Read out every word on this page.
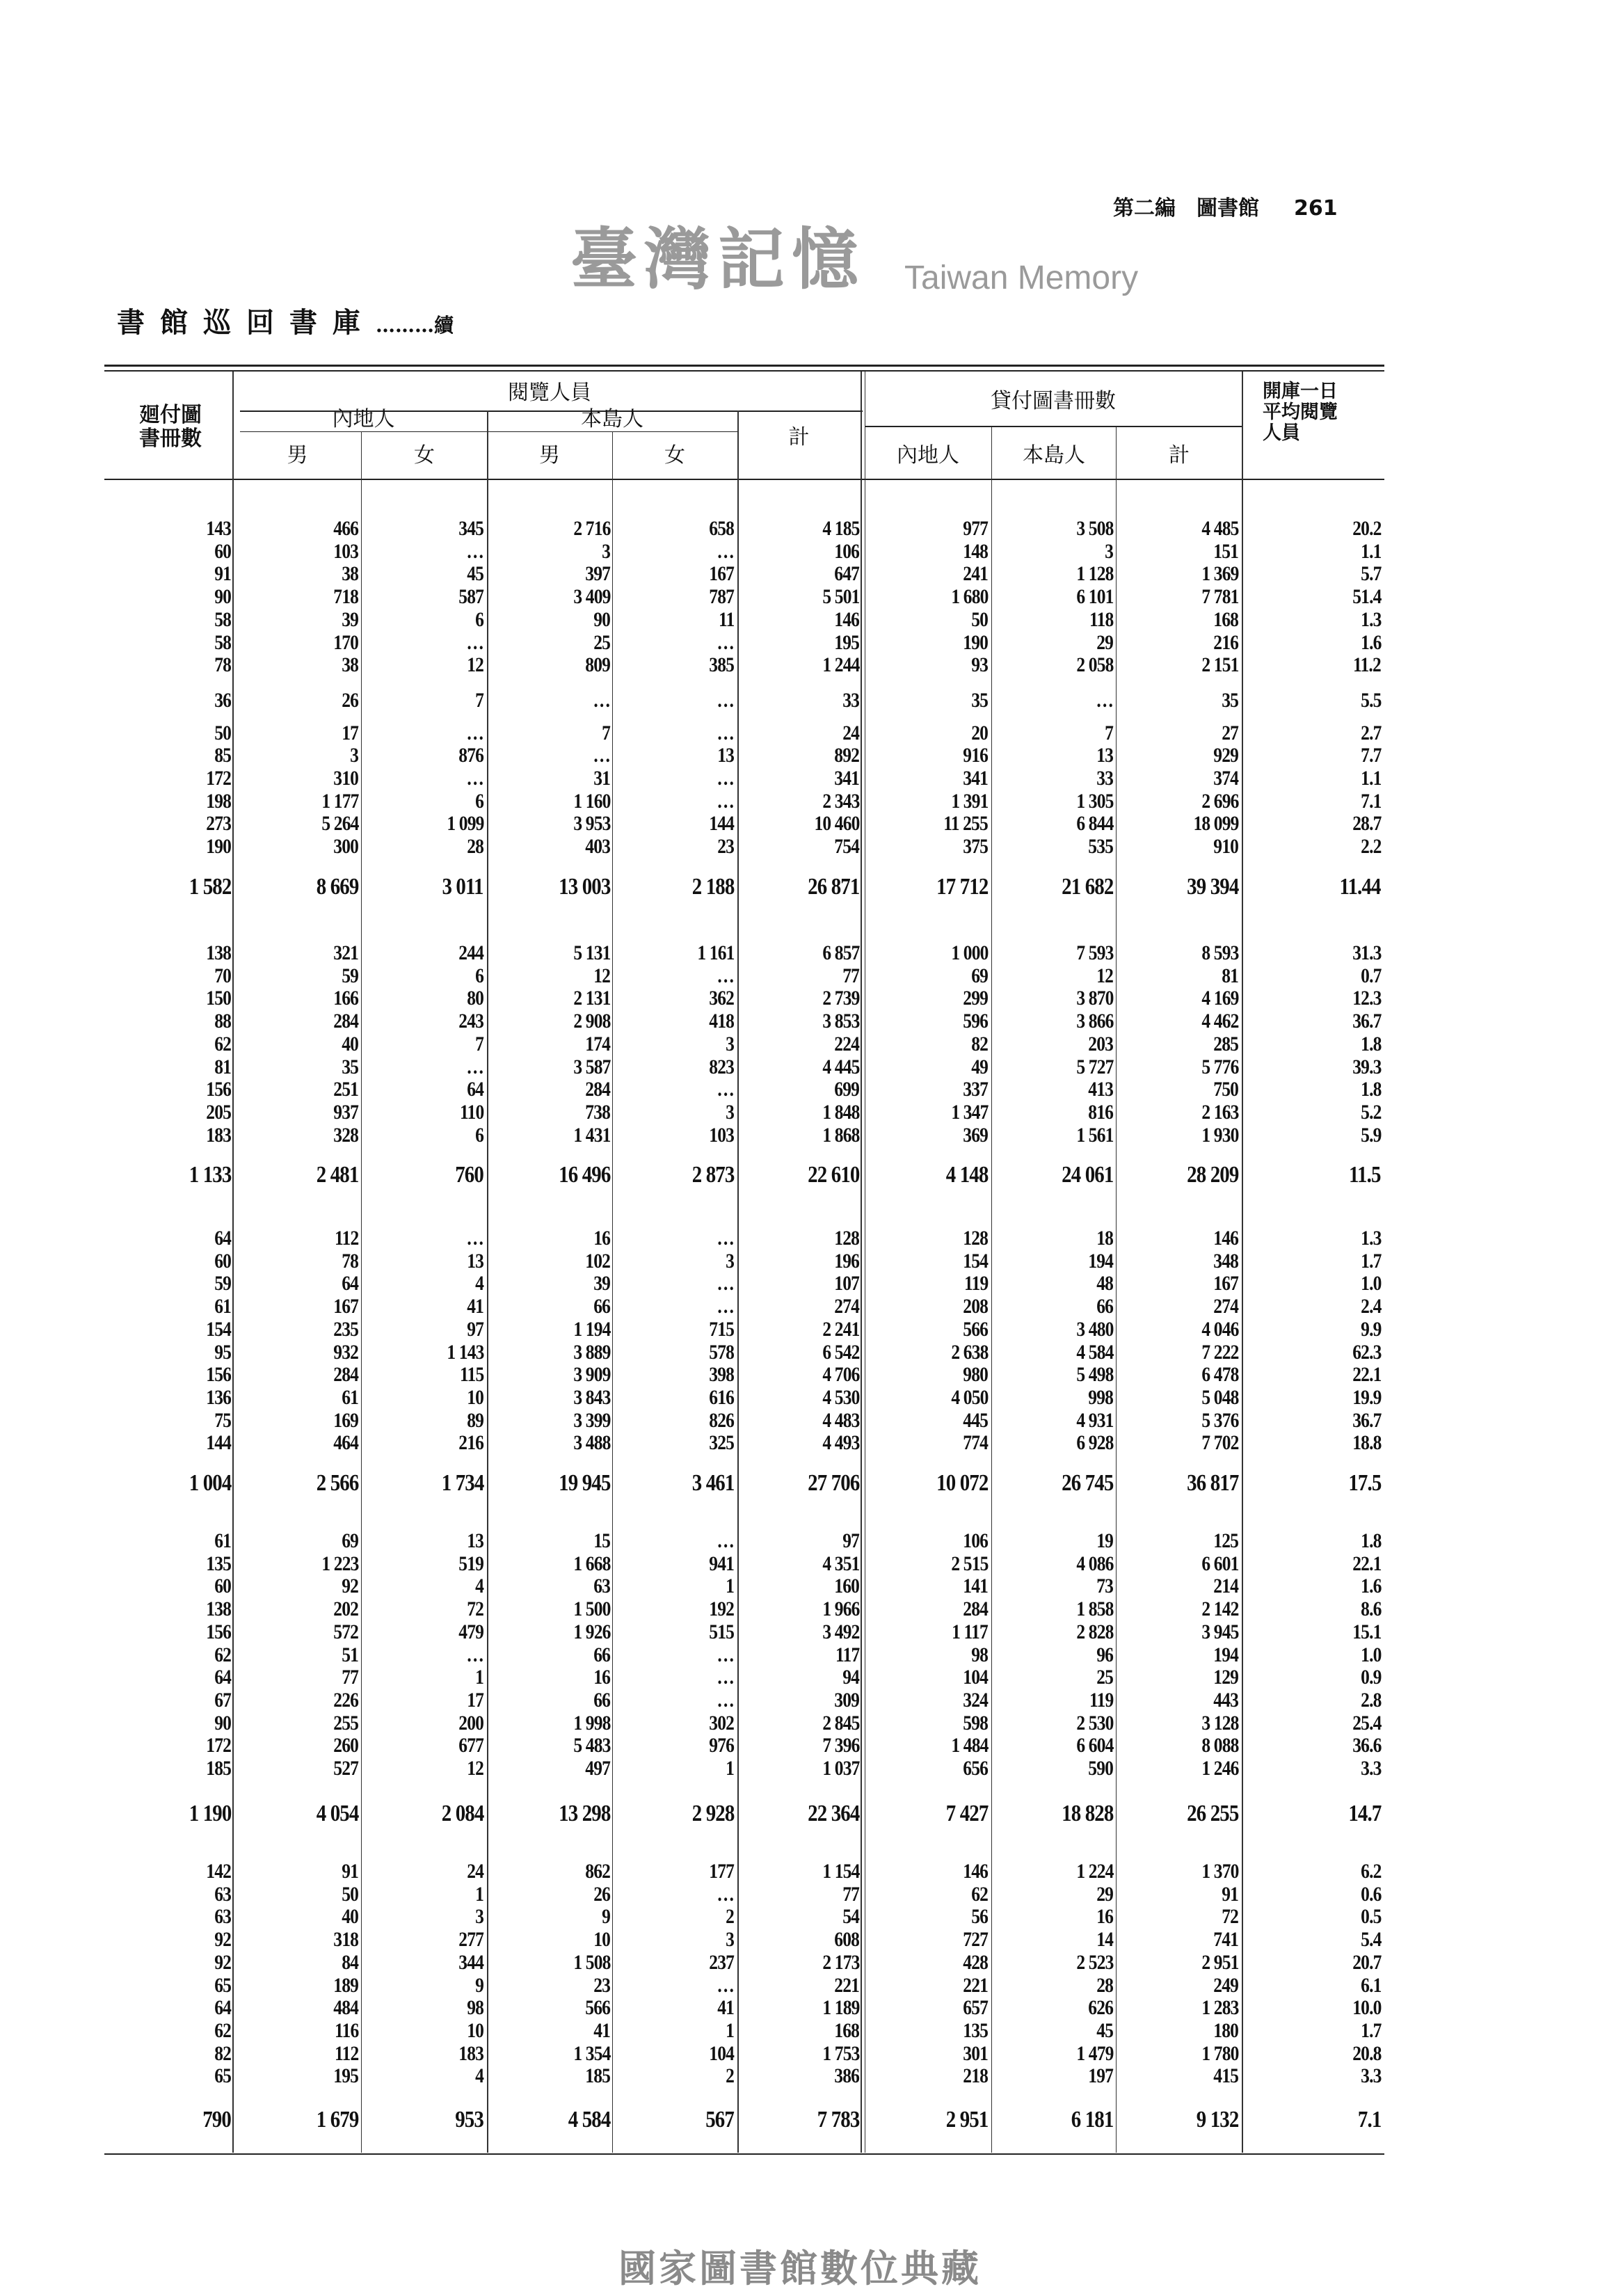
第二編　圖書館 261
書館巡回書庫………續
廻付圖
書冊數
閱覽人員
內地人	本島人
男	女	男	女
計
貸付圖書冊數
內地人	本島人	計
開庫一日
平均閱覽
人員
143	466	345	2 716	658	4 185	977	3 508	4 485	20.2
60	103	…	3	…	106	148	3	151	1.1
91	38	45	397	167	647	241	1 128	1 369	5.7
90	718	587	3 409	787	5 501	1 680	6 101	7 781	51.4
58	39	6	90	11	146	50	118	168	1.3
58	170	…	25	…	195	190	29	216	1.6
78	38	12	809	385	1 244	93	2 058	2 151	11.2
36	26	7	…	…	33	35	…	35	5.5
50	17	…	7	…	24	20	7	27	2.7
85	3	876	…	13	892	916	13	929	7.7
172	310	…	31	…	341	341	33	374	1.1
198	1 177	6	1 160	…	2 343	1 391	1 305	2 696	7.1
273	5 264	1 099	3 953	144	10 460	11 255	6 844	18 099	28.7
190	300	28	403	23	754	375	535	910	2.2
1 582	8 669	3 011	13 003	2 188	26 871	17 712	21 682	39 394	11.44
138	321	244	5 131	1 161	6 857	1 000	7 593	8 593	31.3
70	59	6	12	…	77	69	12	81	0.7
150	166	80	2 131	362	2 739	299	3 870	4 169	12.3
88	284	243	2 908	418	3 853	596	3 866	4 462	36.7
62	40	7	174	3	224	82	203	285	1.8
81	35	…	3 587	823	4 445	49	5 727	5 776	39.3
156	251	64	284	…	699	337	413	750	1.8
205	937	110	738	3	1 848	1 347	816	2 163	5.2
183	328	6	1 431	103	1 868	369	1 561	1 930	5.9
1 133	2 481	760	16 496	2 873	22 610	4 148	24 061	28 209	11.5
64	112	…	16	…	128	128	18	146	1.3
60	78	13	102	3	196	154	194	348	1.7
59	64	4	39	…	107	119	48	167	1.0
61	167	41	66	…	274	208	66	274	2.4
154	235	97	1 194	715	2 241	566	3 480	4 046	9.9
95	932	1 143	3 889	578	6 542	2 638	4 584	7 222	62.3
156	284	115	3 909	398	4 706	980	5 498	6 478	22.1
136	61	10	3 843	616	4 530	4 050	998	5 048	19.9
75	169	89	3 399	826	4 483	445	4 931	5 376	36.7
144	464	216	3 488	325	4 493	774	6 928	7 702	18.8
1 004	2 566	1 734	19 945	3 461	27 706	10 072	26 745	36 817	17.5
61	69	13	15	…	97	106	19	125	1.8
135	1 223	519	1 668	941	4 351	2 515	4 086	6 601	22.1
60	92	4	63	1	160	141	73	214	1.6
138	202	72	1 500	192	1 966	284	1 858	2 142	8.6
156	572	479	1 926	515	3 492	1 117	2 828	3 945	15.1
62	51	…	66	…	117	98	96	194	1.0
64	77	1	16	…	94	104	25	129	0.9
67	226	17	66	…	309	324	119	443	2.8
90	255	200	1 998	302	2 845	598	2 530	3 128	25.4
172	260	677	5 483	976	7 396	1 484	6 604	8 088	36.6
185	527	12	497	1	1 037	656	590	1 246	3.3
1 190	4 054	2 084	13 298	2 928	22 364	7 427	18 828	26 255	14.7
142	91	24	862	177	1 154	146	1 224	1 370	6.2
63	50	1	26	…	77	62	29	91	0.6
63	40	3	9	2	54	56	16	72	0.5
92	318	277	10	3	608	727	14	741	5.4
92	84	344	1 508	237	2 173	428	2 523	2 951	20.7
65	189	9	23	…	221	221	28	249	6.1
64	484	98	566	41	1 189	657	626	1 283	10.0
62	116	10	41	1	168	135	45	180	1.7
82	112	183	1 354	104	1 753	301	1 479	1 780	20.8
65	195	4	185	2	386	218	197	415	3.3
790	1 679	953	4 584	567	7 783	2 951	6 181	9 132	7.1
臺灣記憶 Taiwan Memory
國家圖書館數位典藏
